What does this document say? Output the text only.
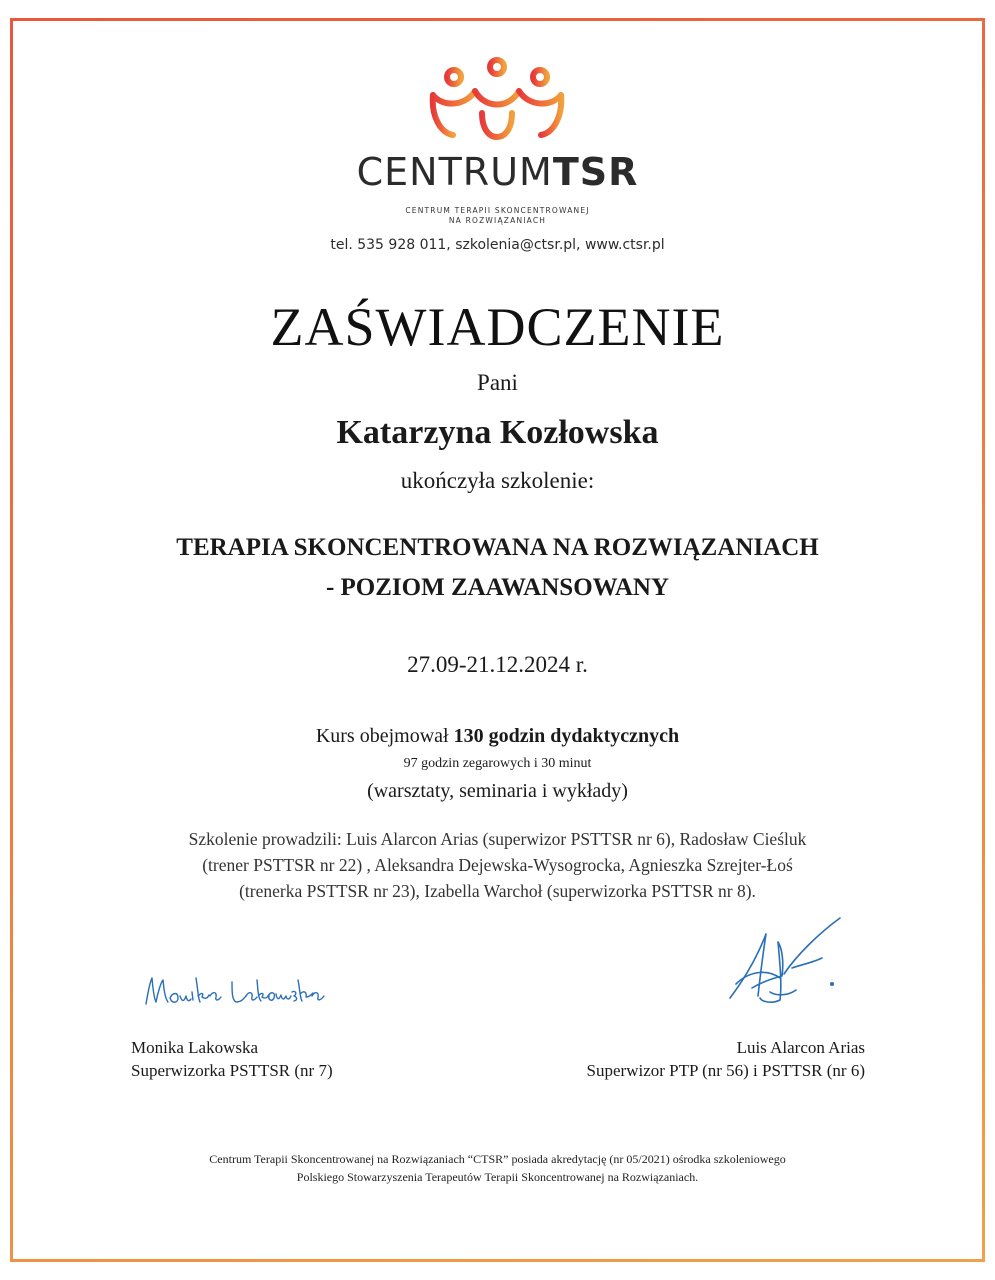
CENTRUMTSR
CENTRUM TERAPII SKONCENTROWANEJ
NA ROZWIĄZANIACH
tel. 535 928 011, szkolenia@ctsr.pl, www.ctsr.pl
ZAŚWIADCZENIE
Pani
Katarzyna Kozłowska
ukończyła szkolenie:
TERAPIA SKONCENTROWANA NA ROZWIĄZANIACH
- POZIOM ZAAWANSOWANY
27.09-21.12.2024 r.
Kurs obejmował 130 godzin dydaktycznych
97 godzin zegarowych i 30 minut
(warsztaty, seminaria i wykłady)
Szkolenie prowadzili: Luis Alarcon Arias (superwizor PSTTSR nr 6), Radosław Cieśluk
(trener PSTTSR nr 22) , Aleksandra Dejewska-Wysogrocka, Agnieszka Szrejter-Łoś
(trenerka PSTTSR nr 23), Izabella Warchoł (superwizorka PSTTSR nr 8).
Monika Lakowska
Superwizorka PSTTSR (nr 7)
Luis Alarcon Arias
Superwizor PTP (nr 56) i PSTTSR (nr 6)
Centrum Terapii Skoncentrowanej na Rozwiązaniach “CTSR” posiada akredytację (nr 05/2021) ośrodka szkoleniowego
Polskiego Stowarzyszenia Terapeutów Terapii Skoncentrowanej na Rozwiązaniach.
